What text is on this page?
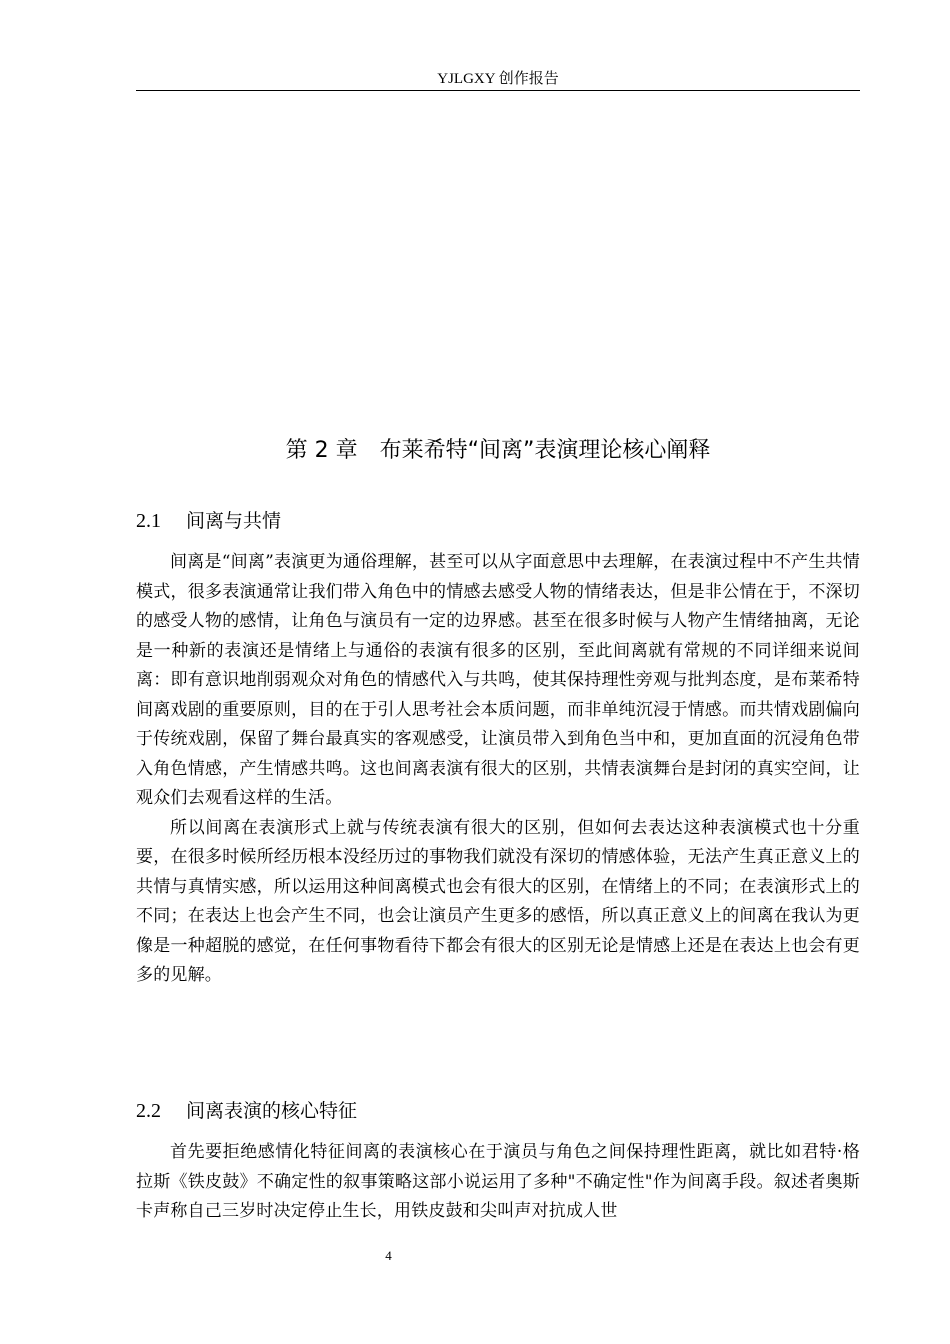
YJLGXY 创作报告
第 2 章　布莱希特“间离”表演理论核心阐释
2.1 间离与共情

间离是“间离”表演更为通俗理解，甚至可以从字面意思中去理解，在表演过程中不产生共情模式，很多表演通常让我们带入角色中的情感去感受人物的情绪表达，但是非公情在于，不深切的感受人物的感情，让角色与演员有一定的边界感。甚至在很多时候与人物产生情绪抽离，无论是一种新的表演还是情绪上与通俗的表演有很多的区别，至此间离就有常规的不同详细来说间离：即有意识地削弱观众对角色的情感代入与共鸣，使其保持理性旁观与批判态度，是布莱希特间离戏剧的重要原则，目的在于引人思考社会本质问题，而非单纯沉浸于情感。而共情戏剧偏向于传统戏剧，保留了舞台最真实的客观感受，让演员带入到角色当中和，更加直面的沉浸角色带入角色情感，产生情感共鸣。这也间离表演有很大的区别，共情表演舞台是封闭的真实空间，让观众们去观看这样的生活。

所以间离在表演形式上就与传统表演有很大的区别，但如何去表达这种表演模式也十分重要，在很多时候所经历根本没经历过的事物我们就没有深切的情感体验，无法产生真正意义上的共情与真情实感，所以运用这种间离模式也会有很大的区别，在情绪上的不同；在表演形式上的不同；在表达上也会产生不同，也会让演员产生更多的感悟，所以真正意义上的间离在我认为更像是一种超脱的感觉，在任何事物看待下都会有很大的区别无论是情感上还是在表达上也会有更多的见解。

2.2 间离表演的核心特征

首先要拒绝感情化特征间离的表演核心在于演员与角色之间保持理性距离，就比如君特·格拉斯《铁皮鼓》不确定性的叙事策略这部小说运用了多种"不确定性"作为间离手段。叙述者奥斯卡声称自己三岁时决定停止生长，用铁皮鼓和尖叫声对抗成人世

4
